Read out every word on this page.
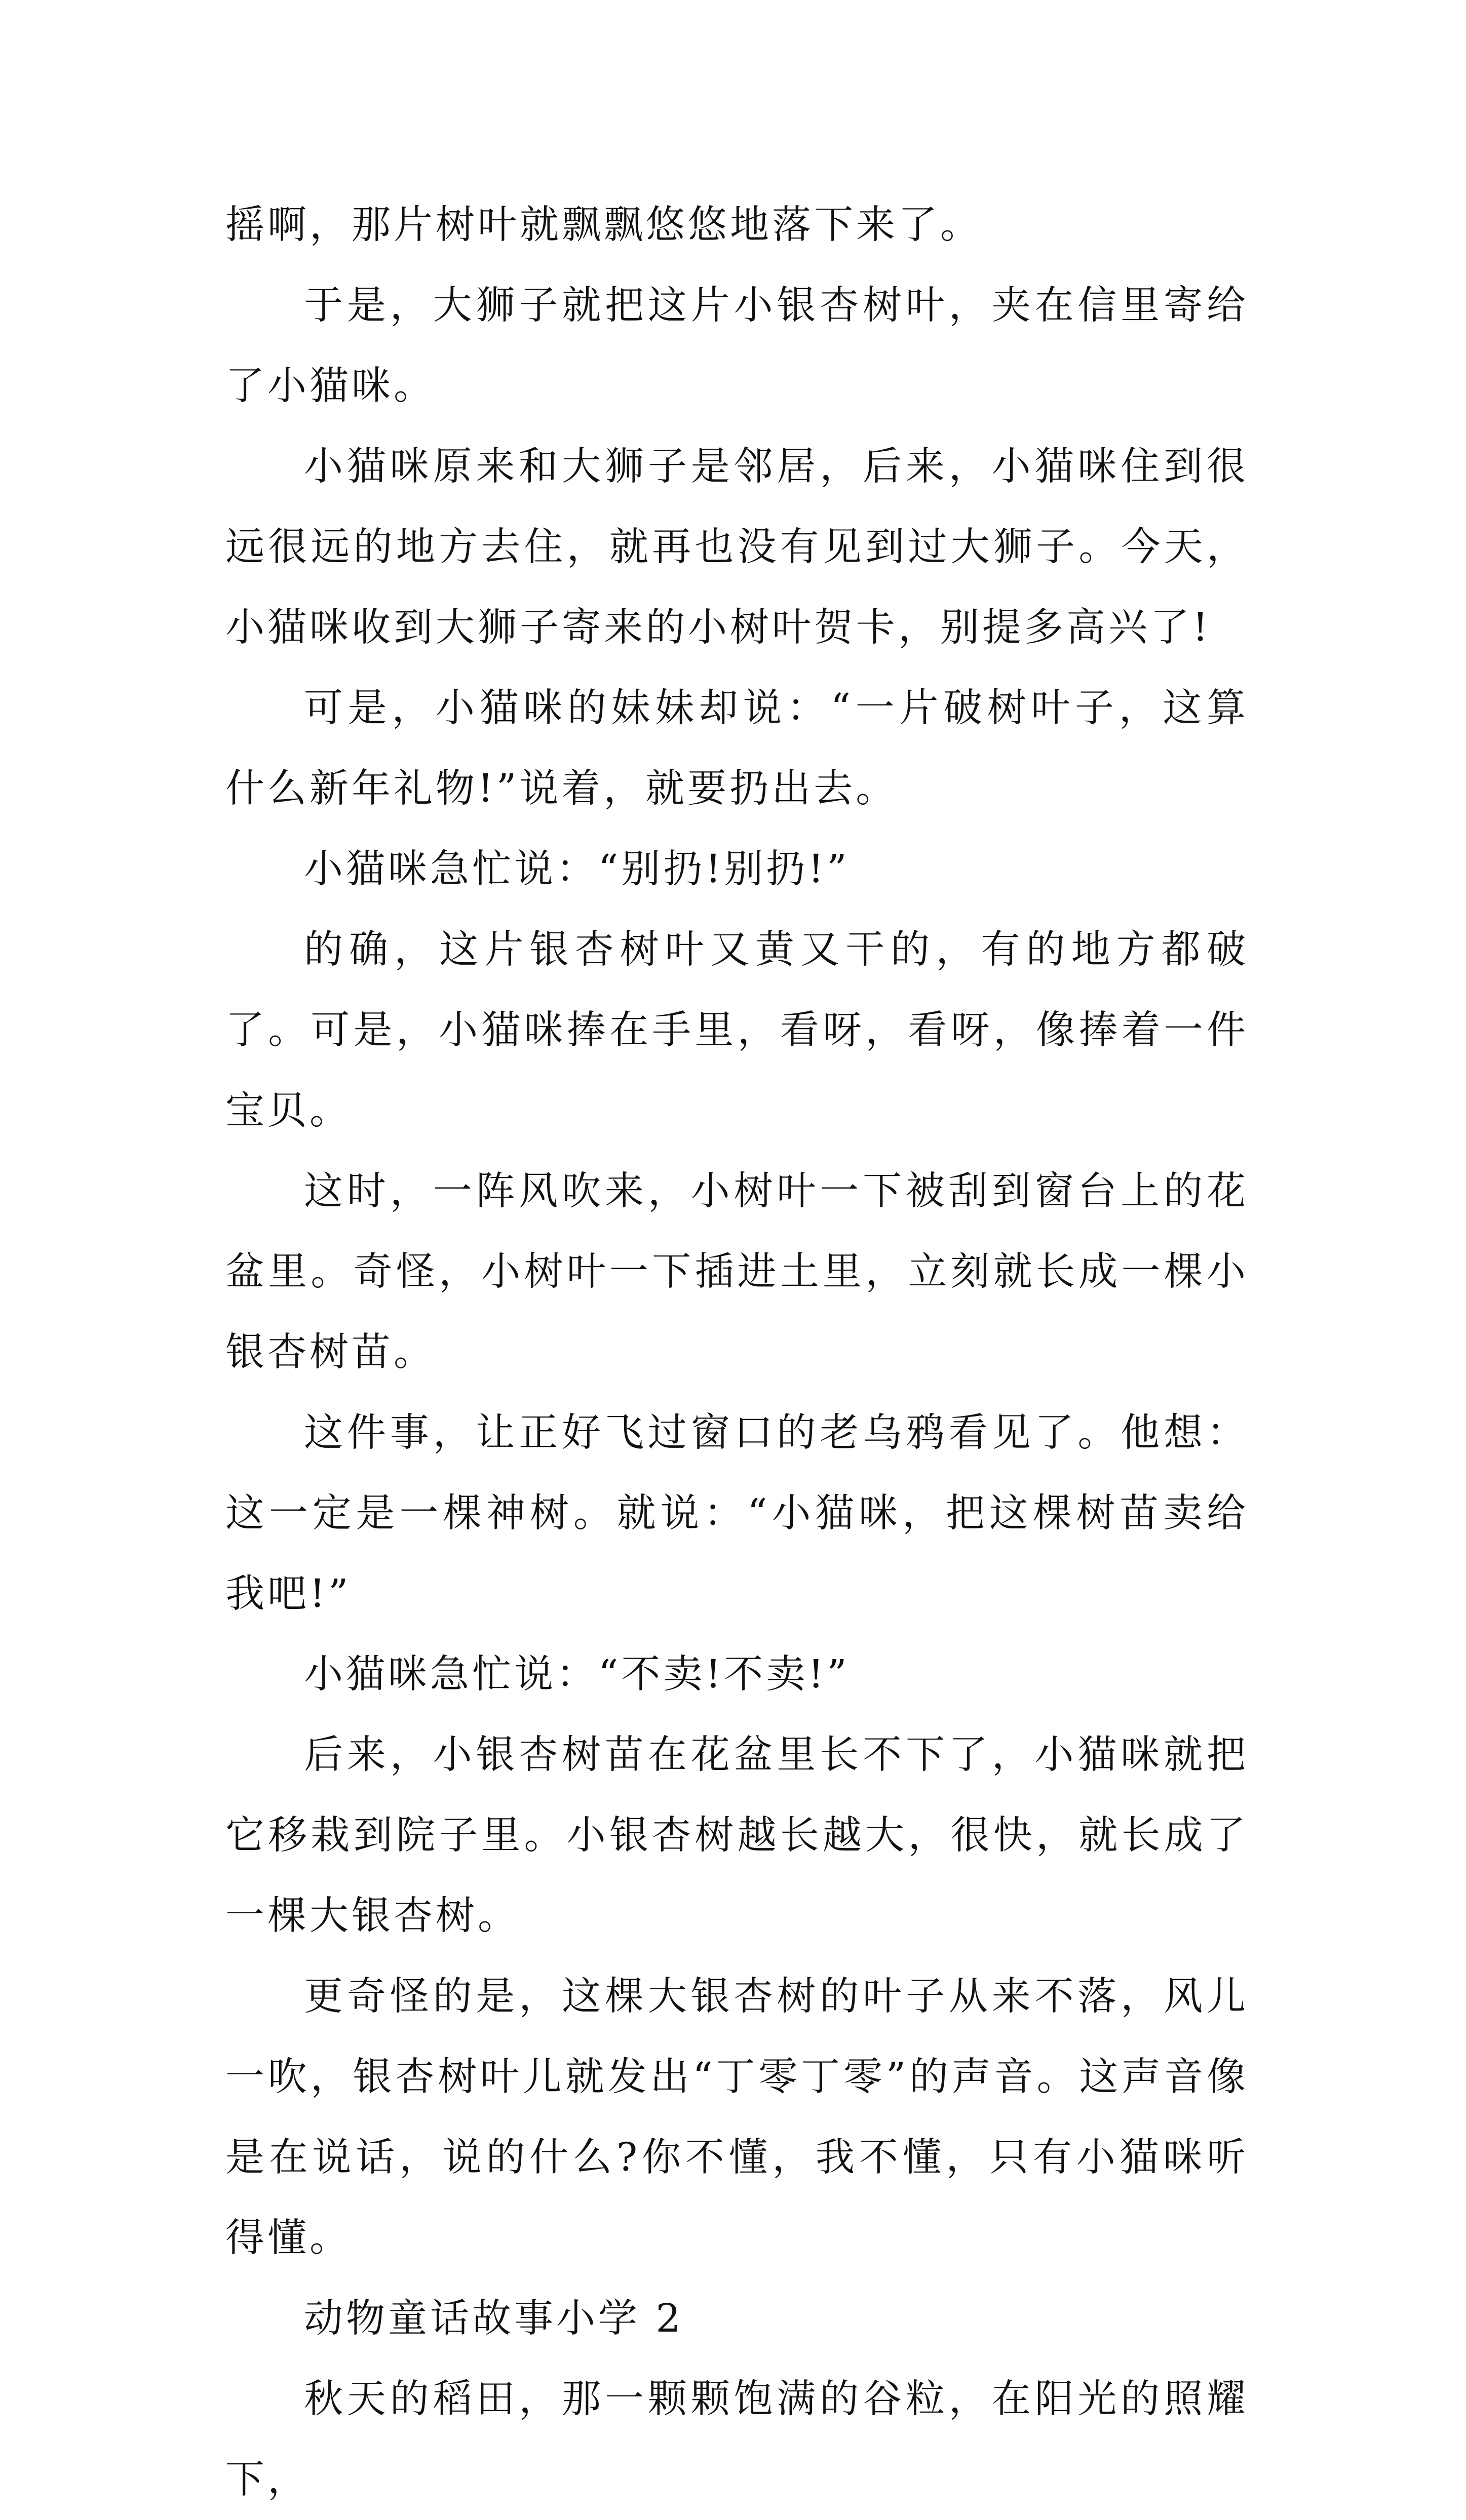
摇啊，那片树叶就飘飘悠悠地落下来了。

于是，大狮子就把这片小银杏树叶，夹在信里寄给了小猫咪。

小猫咪原来和大狮子是邻居，后来，小猫咪住到很远很远的地方去住，就再也没有见到过大狮子。今天，小猫咪收到大狮子寄来的小树叶贺卡，别提多高兴了!

可是，小猫咪的妹妹却说：“一片破树叶子，这算什么新年礼物!”说着，就要扔出去。

小猫咪急忙说：“别扔!别扔!”

的确，这片银杏树叶又黄又干的，有的地方都破了。可是，小猫咪捧在手里，看呀，看呀，像捧着一件宝贝。

这时，一阵风吹来，小树叶一下被刮到窗台上的花盆里。奇怪，小树叶一下插进土里，立刻就长成一棵小银杏树苗。

这件事，让正好飞过窗口的老乌鸦看见了。他想：这一定是一棵神树。就说：“小猫咪，把这棵树苗卖给我吧!”

小猫咪急忙说：“不卖!不卖!”

后来，小银杏树苗在花盆里长不下了，小猫咪就把它移栽到院子里。小银杏树越长越大，很快，就长成了一棵大银杏树。

更奇怪的是，这棵大银杏树的叶子从来不落，风儿一吹，银杏树叶儿就发出“丁零丁零”的声音。这声音像是在说话，说的什么?你不懂，我不懂，只有小猫咪听得懂。

动物童话故事小学 2

秋天的稻田，那一颗颗饱满的谷粒，在阳光的照耀下，
